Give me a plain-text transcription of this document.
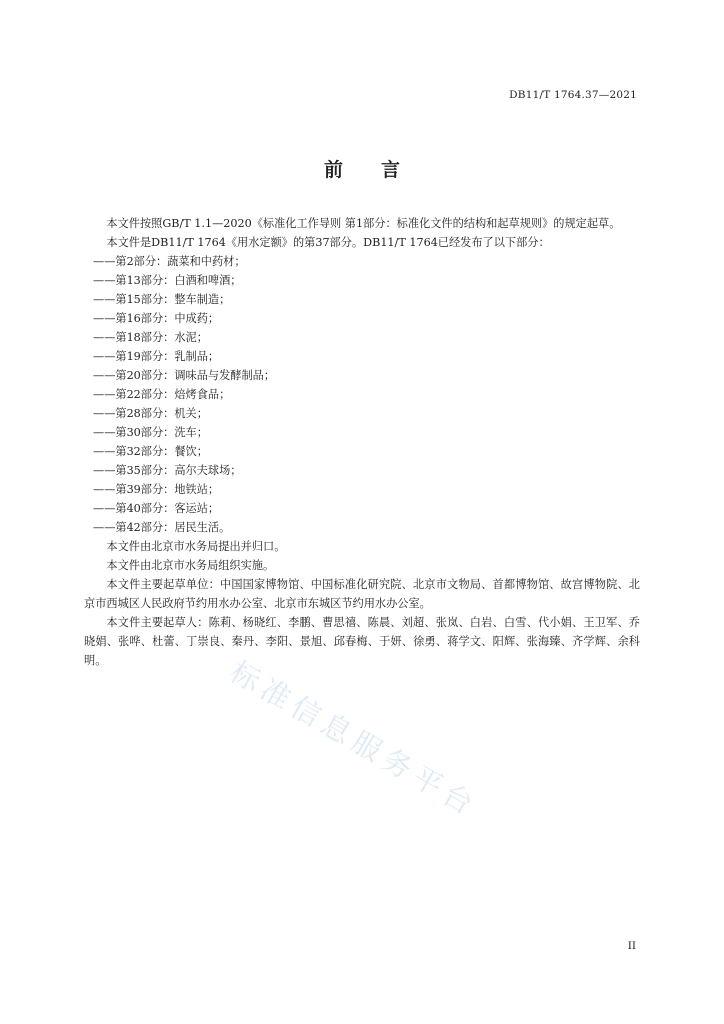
DB11/T 1764.37—2021
前 言

本文件按照GB/T 1.1—2020《标准化工作导则 第1部分：标准化文件的结构和起草规则》的规定起草。

本文件是DB11/T 1764《用水定额》的第37部分。DB11/T 1764已经发布了以下部分：

——第2部分：蔬菜和中药材；

——第13部分：白酒和啤酒；

——第15部分：整车制造；

——第16部分：中成药；

——第18部分：水泥；

——第19部分：乳制品；

——第20部分：调味品与发酵制品；

——第22部分：焙烤食品；

——第28部分：机关；

——第30部分：洗车；

——第32部分：餐饮；

——第35部分：高尔夫球场；

——第39部分：地铁站；

——第40部分：客运站；

——第42部分：居民生活。

本文件由北京市水务局提出并归口。

本文件由北京市水务局组织实施。

本文件主要起草单位：中国国家博物馆、中国标准化研究院、北京市文物局、首都博物馆、故宫博物院、北京市西城区人民政府节约用水办公室、北京市东城区节约用水办公室。

本文件主要起草人：陈莉、杨晓红、李鹏、曹思禧、陈晨、刘超、张岚、白岩、白雪、代小娟、王卫军、乔晓娟、张哗、杜蕾、丁崇良、秦丹、李阳、景旭、邱春梅、于妍、徐勇、蒋学文、阳辉、张海臻、齐学辉、余科明。	标准信息服务平台
II
